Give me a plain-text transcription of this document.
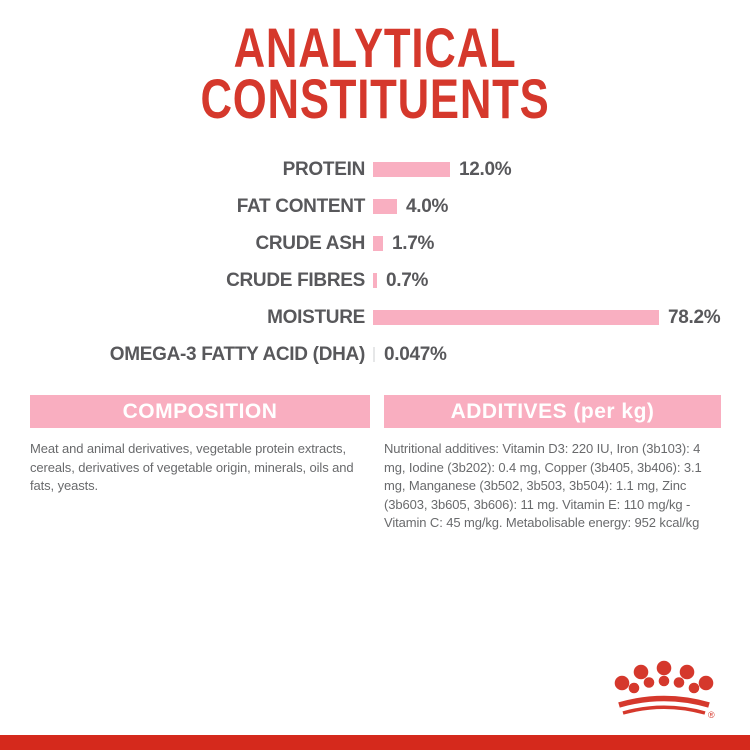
ANALYTICAL
CONSTITUENTS
PROTEIN	12.0%
FAT CONTENT 4.0%
CRUDE ASH 1.7%
CRUDE FIBRES 0.7%
MOISTURE	78.2%
OMEGA-3 FATTY ACID (DHA) 0.047%
COMPOSITION
Meat and animal derivatives, vegetable protein extracts, cereals, derivatives of vegetable origin, minerals, oils and fats, yeasts.
ADDITIVES (per kg)
Nutritional additives: Vitamin D3: 220 IU, Iron (3b103): 4 mg, Iodine (3b202): 0.4 mg, Copper (3b405, 3b406): 3.1 mg, Manganese (3b502, 3b503, 3b504): 1.1 mg, Zinc (3b603, 3b605, 3b606): 11 mg. Vitamin E: 110 mg/kg - Vitamin C: 45 mg/kg. Metabolisable energy: 952 kcal/kg
®
